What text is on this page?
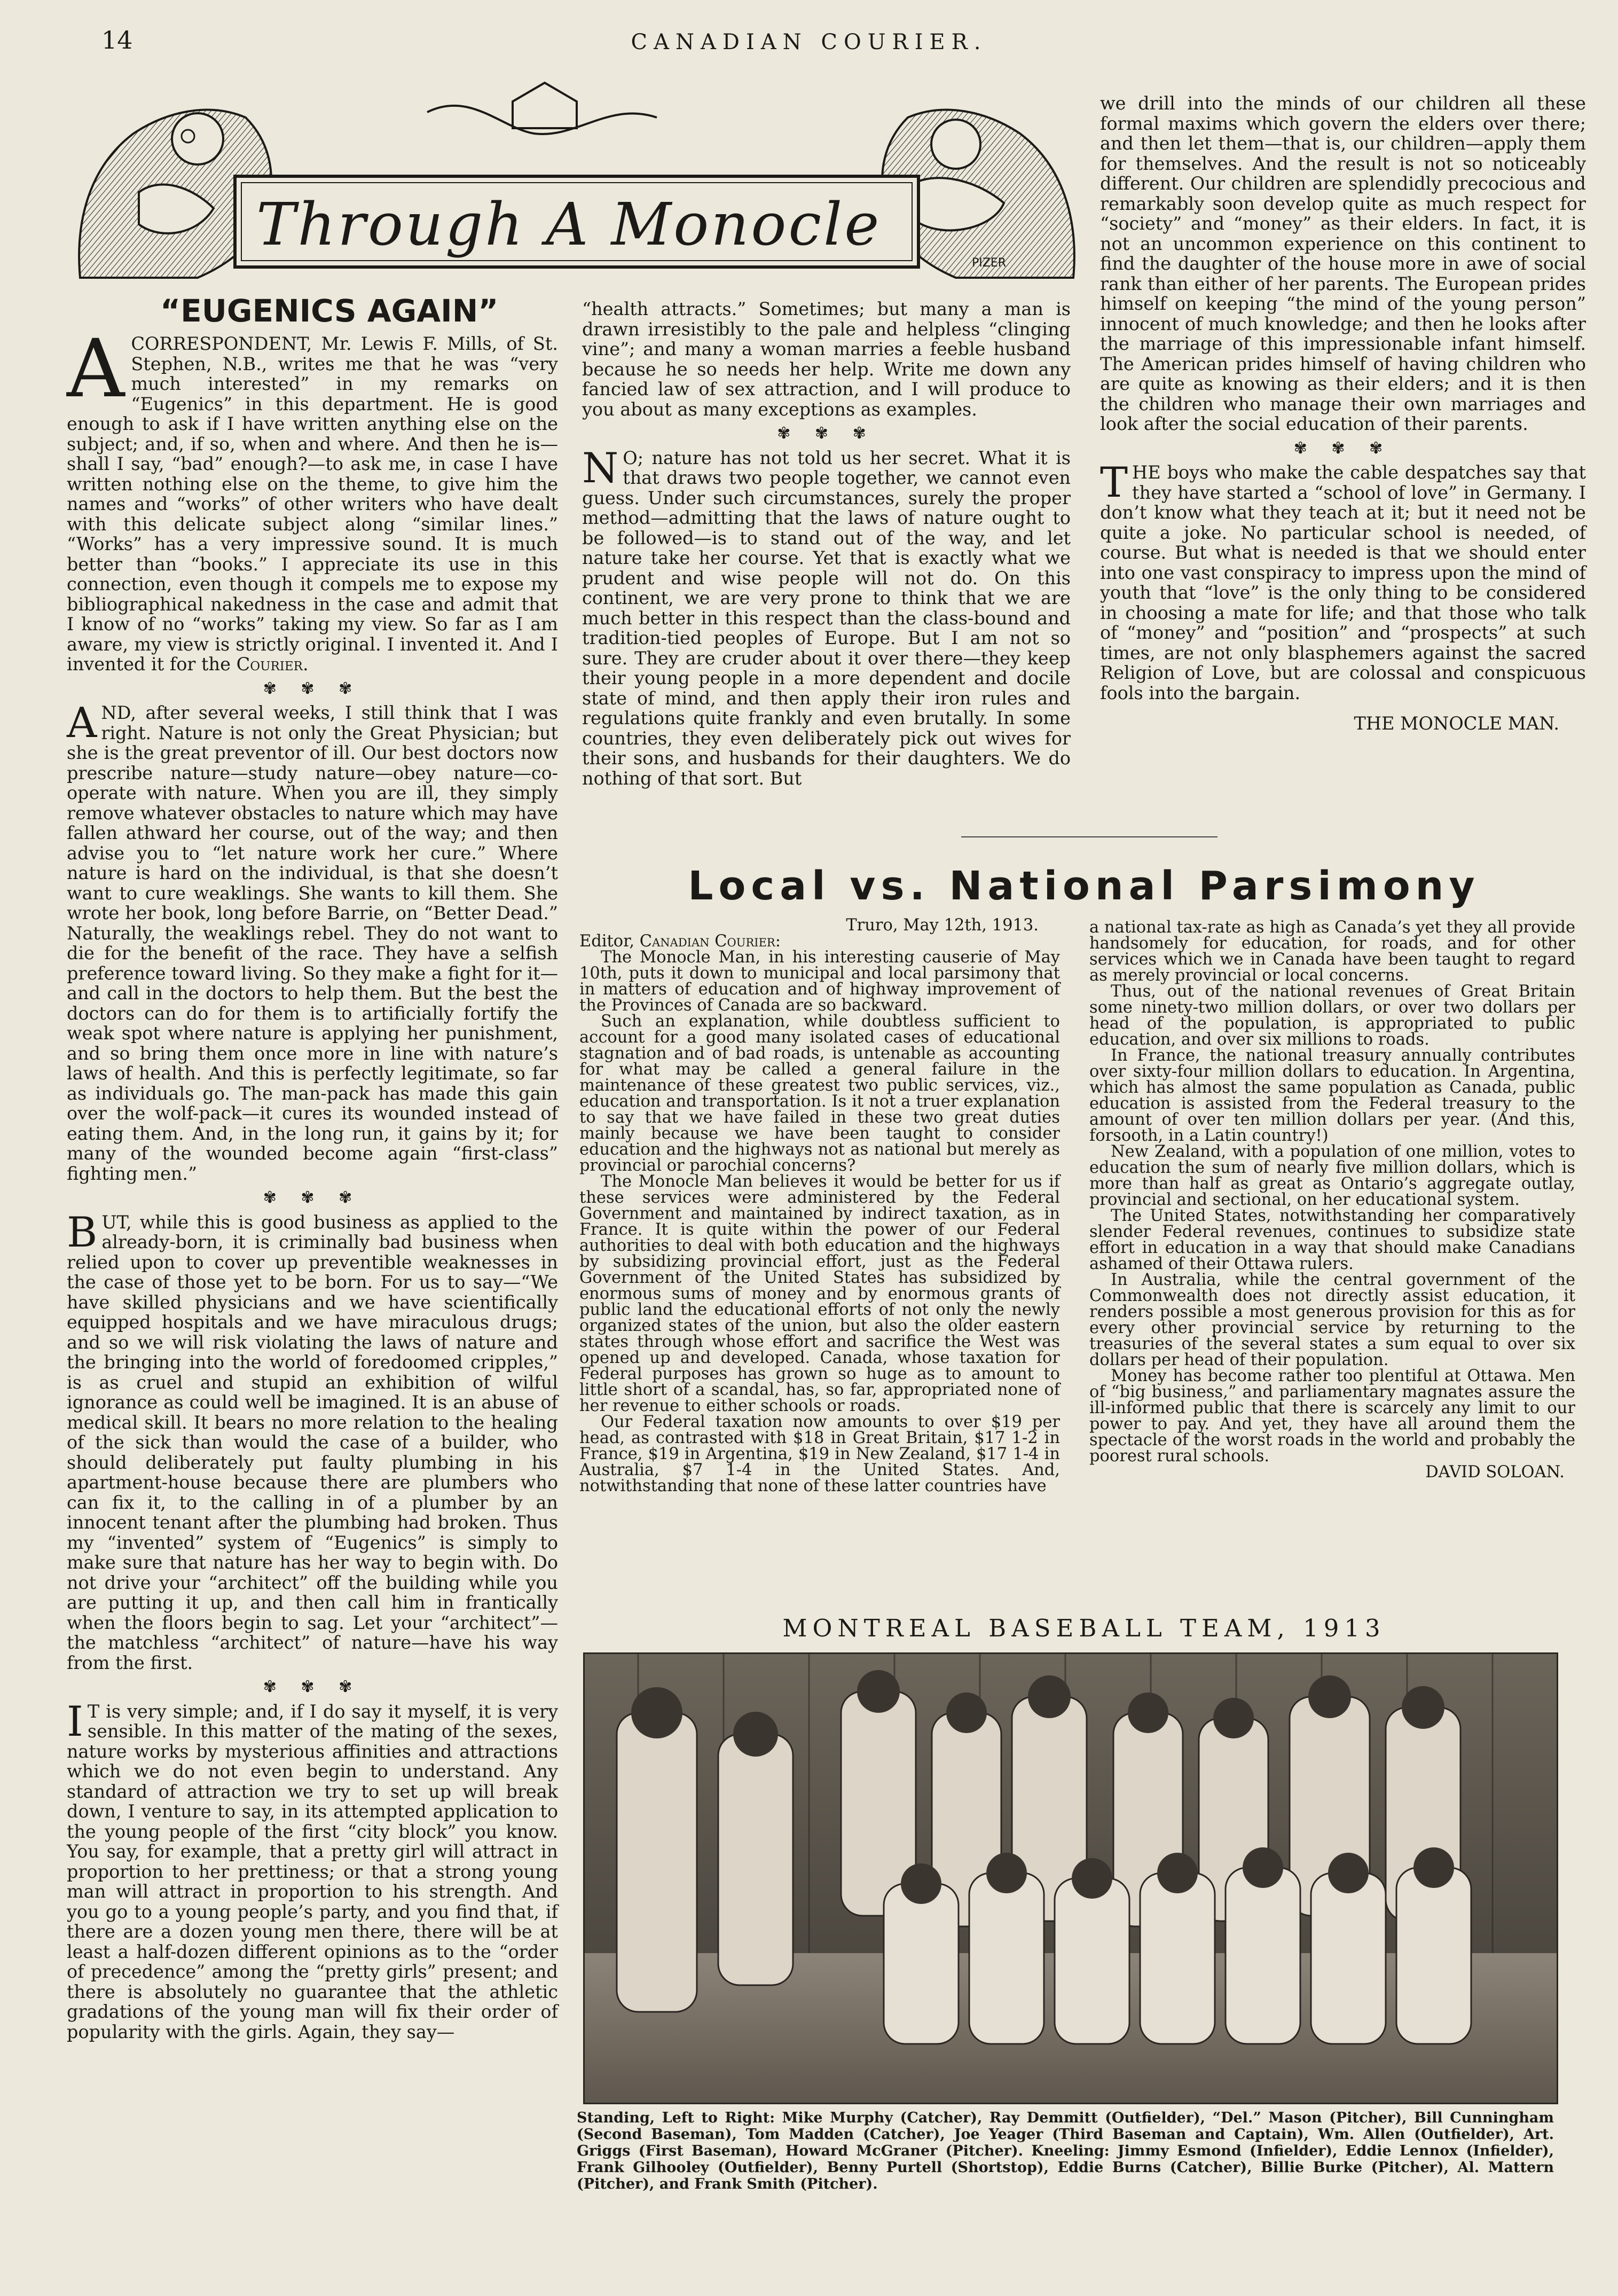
14	CANADIAN COURIER.
Through A Monocle
PIZER
“EUGENICS AGAIN”

ACORRESPONDENT, Mr. Lewis F. Mills, of St. Stephen, N.B., writes me that he was “very much interested” in my remarks on “Eugenics” in this department. He is good enough to ask if I have written anything else on the subject; and, if so, when and where. And then he is—shall I say, “bad” enough?—to ask me, in case I have written nothing else on the theme, to give him the names and “works” of other writers who have dealt with this delicate subject along “similar lines.” “Works” has a very impressive sound. It is much better than “books.” I appreciate its use in this connection, even though it compels me to expose my bibliographical nakedness in the case and admit that I know of no “works” taking my view. So far as I am aware, my view is strictly original. I invented it. And I invented it for the Courier.

✾ ✾ ✾

AND, after several weeks, I still think that I was right. Nature is not only the Great Physician; but she is the great preventor of ill. Our best doctors now prescribe nature—study nature—obey nature—co-operate with nature. When you are ill, they simply remove whatever obstacles to nature which may have fallen athward her course, out of the way; and then advise you to “let nature work her cure.” Where nature is hard on the individual, is that she doesn’t want to cure weaklings. She wants to kill them. She wrote her book, long before Barrie, on “Better Dead.” Naturally, the weaklings rebel. They do not want to die for the benefit of the race. They have a selfish preference toward living. So they make a fight for it—and call in the doctors to help them. But the best the doctors can do for them is to artificially fortify the weak spot where nature is applying her punishment, and so bring them once more in line with nature’s laws of health. And this is perfectly legitimate, so far as individuals go. The man-pack has made this gain over the wolf-pack—it cures its wounded instead of eating them. And, in the long run, it gains by it; for many of the wounded become again “first-class” fighting men.”

✾ ✾ ✾

BUT, while this is good business as applied to the already-born, it is criminally bad business when relied upon to cover up preventible weaknesses in the case of those yet to be born. For us to say—“We have skilled physicians and we have scientifically equipped hospitals and we have miraculous drugs; and so we will risk violating the laws of nature and the bringing into the world of foredoomed cripples,” is as cruel and stupid an exhibition of wilful ignorance as could well be imagined. It is an abuse of medical skill. It bears no more relation to the healing of the sick than would the case of a builder, who should deliberately put faulty plumbing in his apartment-house because there are plumbers who can fix it, to the calling in of a plumber by an innocent tenant after the plumbing had broken. Thus my “invented” system of “Eugenics” is simply to make sure that nature has her way to begin with. Do not drive your “architect” off the building while you are putting it up, and then call him in frantically when the floors begin to sag. Let your “architect”—the matchless “architect” of nature—have his way from the first.

✾ ✾ ✾

I T is very simple; and, if I do say it myself, it is very sensible. In this matter of the mating of the sexes, nature works by mysterious affinities and attractions which we do not even begin to understand. Any standard of attraction we try to set up will break down, I venture to say, in its attempted application to the young people of the first “city block” you know. You say, for example, that a pretty girl will attract in proportion to her prettiness; or that a strong young man will attract in proportion to his strength. And you go to a young people’s party, and you find that, if there are a dozen young men there, there will be at least a half-dozen different opinions as to the “order of precedence” among the “pretty girls” present; and there is absolutely no guarantee that the athletic gradations of the young man will fix their order of popularity with the girls. Again, they say—

“health attracts.” Sometimes; but many a man is drawn irresistibly to the pale and helpless “clinging vine”; and many a woman marries a feeble husband because he so needs her help. Write me down any fancied law of sex attraction, and I will produce to you about as many exceptions as examples.

✾ ✾ ✾

N O; nature has not told us her secret. What it is that draws two people together, we cannot even guess. Under such circumstances, surely the proper method—admitting that the laws of nature ought to be followed—is to stand out of the way, and let nature take her course. Yet that is exactly what we prudent and wise people will not do. On this continent, we are very prone to think that we are much better in this respect than the class-bound and tradition-tied peoples of Europe. But I am not so sure. They are cruder about it over there—they keep their young people in a more dependent and docile state of mind, and then apply their iron rules and regulations quite frankly and even brutally. In some countries, they even deliberately pick out wives for their sons, and husbands for their daughters. We do nothing of that sort. But

we drill into the minds of our children all these formal maxims which govern the elders over there; and then let them—that is, our children—apply them for themselves. And the result is not so noticeably different. Our children are splendidly precocious and remarkably soon develop quite as much respect for “society” and “money” as their elders. In fact, it is not an uncommon experience on this continent to find the daughter of the house more in awe of social rank than either of her parents. The European prides himself on keeping “the mind of the young person” innocent of much knowledge; and then he looks after the marriage of this impressionable infant himself. The American prides himself of having children who are quite as knowing as their elders; and it is then the children who manage their own marriages and look after the social education of their parents.

✾ ✾ ✾

THE boys who make the cable despatches say that they have started a “school of love” in Germany. I don’t know what they teach at it; but it need not be quite a joke. No particular school is needed, of course. But what is needed is that we should enter into one vast conspiracy to impress upon the mind of youth that “love” is the only thing to be considered in choosing a mate for life; and that those who talk of “money” and “position” and “prospects” at such times, are not only blasphemers against the sacred Religion of Love, but are colossal and conspicuous fools into the bargain.

THE MONOCLE MAN.

Local vs. National Parsimony

Truro, May 12th, 1913.

Editor, Canadian Courier:

The Monocle Man, in his interesting causerie of May 10th, puts it down to municipal and local parsimony that in matters of education and of highway improvement of the Provinces of Canada are so backward.

Such an explanation, while doubtless sufficient to account for a good many isolated cases of educational stagnation and of bad roads, is untenable as accounting for what may be called a general failure in the maintenance of these greatest two public services, viz., education and transportation. Is it not a truer explanation to say that we have failed in these two great duties mainly because we have been taught to consider education and the highways not as national but merely as provincial or parochial concerns?

The Monocle Man believes it would be better for us if these services were administered by the Federal Government and maintained by indirect taxation, as in France. It is quite within the power of our Federal authorities to deal with both education and the highways by subsidizing provincial effort, just as the Federal Government of the United States has subsidized by enormous sums of money and by enormous grants of public land the educational efforts of not only the newly organized states of the union, but also the older eastern states through whose effort and sacrifice the West was opened up and developed. Canada, whose taxation for Federal purposes has grown so huge as to amount to little short of a scandal, has, so far, appropriated none of her revenue to either schools or roads.

Our Federal taxation now amounts to over $19 per head, as contrasted with $18 in Great Britain, $17 1-2 in France, $19 in Argentina, $19 in New Zealand, $17 1-4 in Australia, $7 1-4 in the United States. And, notwithstanding that none of these latter countries have

a national tax-rate as high as Canada’s yet they all provide handsomely for education, for roads, and for other services which we in Canada have been taught to regard as merely provincial or local concerns.

Thus, out of the national revenues of Great Britain some ninety-two million dollars, or over two dollars per head of the population, is appropriated to public education, and over six millions to roads.

In France, the national treasury annually contributes over sixty-four million dollars to education. In Argentina, which has almost the same population as Canada, public education is assisted from the Federal treasury to the amount of over ten million dollars per year. (And this, forsooth, in a Latin country!)

New Zealand, with a population of one million, votes to education the sum of nearly five million dollars, which is more than half as great as Ontario’s aggregate outlay, provincial and sectional, on her educational system.

The United States, notwithstanding her comparatively slender Federal revenues, continues to subsidize state effort in education in a way that should make Canadians ashamed of their Ottawa rulers.

In Australia, while the central government of the Commonwealth does not directly assist education, it renders possible a most generous provision for this as for every other provincial service by returning to the treasuries of the several states a sum equal to over six dollars per head of their population.

Money has become rather too plentiful at Ottawa. Men of “big business,” and parliamentary magnates assure the ill-informed public that there is scarcely any limit to our power to pay. And yet, they have all around them the spectacle of the worst roads in the world and probably the poorest rural schools.

DAVID SOLOAN.

MONTREAL BASEBALL TEAM, 1913
Standing, Left to Right: Mike Murphy (Catcher), Ray Demmitt (Outfielder), “Del.” Mason (Pitcher), Bill Cunningham (Second Baseman), Tom Madden (Catcher), Joe Yeager (Third Baseman and Captain), Wm. Allen (Outfielder), Art. Griggs (First Baseman), Howard McGraner (Pitcher). Kneeling: Jimmy Esmond (Infielder), Eddie Lennox (Infielder), Frank Gilhooley (Outfielder), Benny Purtell (Shortstop), Eddie Burns (Catcher), Billie Burke (Pitcher), Al. Mattern (Pitcher), and Frank Smith (Pitcher).
